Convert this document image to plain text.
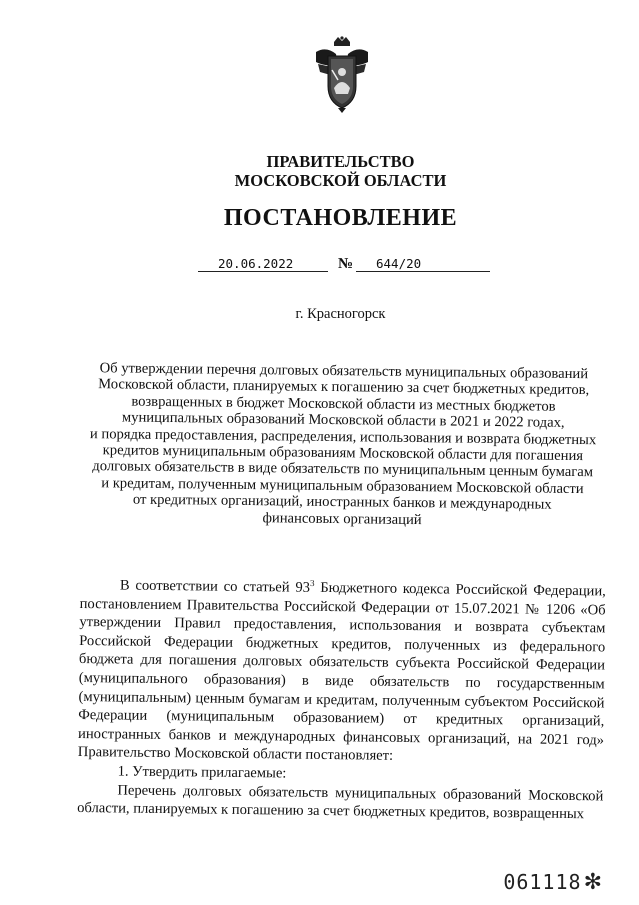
ПРАВИТЕЛЬСТВО
МОСКОВСКОЙ ОБЛАСТИ
ПОСТАНОВЛЕНИЕ
20.06.2022	№ 644/20
г. Красногорск
Об утверждении перечня долговых обязательств муниципальных образований
Московской области, планируемых к погашению за счет бюджетных кредитов,
возвращенных в бюджет Московской области из местных бюджетов
муниципальных образований Московской области в 2021 и 2022 годах,
и порядка предоставления, распределения, использования и возврата бюджетных
кредитов муниципальным образованиям Московской области для погашения
долговых обязательств в виде обязательств по муниципальным ценным бумагам
и кредитам, полученным муниципальным образованием Московской области
от кредитных организаций, иностранных банков и международных
финансовых организаций

В соответствии со статьей $93^3$ Бюджетного кодекса Российской Федерации, постановлением Правительства Российской Федерации от 15.07.2021 № 1206 «Об утверждении Правил предоставления, использования и возврата субъектам Российской Федерации бюджетных кредитов, полученных из федерального бюджета для погашения долговых обязательств субъекта Российской Федерации (муниципального образования) в виде обязательств по государственным (муниципальным) ценным бумагам и кредитам, полученным субъектом Российской Федерации (муниципальным образованием) от кредитных организаций, иностранных банков и международных финансовых организаций, на 2021 год» Правительство Московской области постановляет:

1. Утвердить прилагаемые:

Перечень долговых обязательств муниципальных образований Московской области, планируемых к погашению за счет бюджетных кредитов, возвращенных

061118✻
